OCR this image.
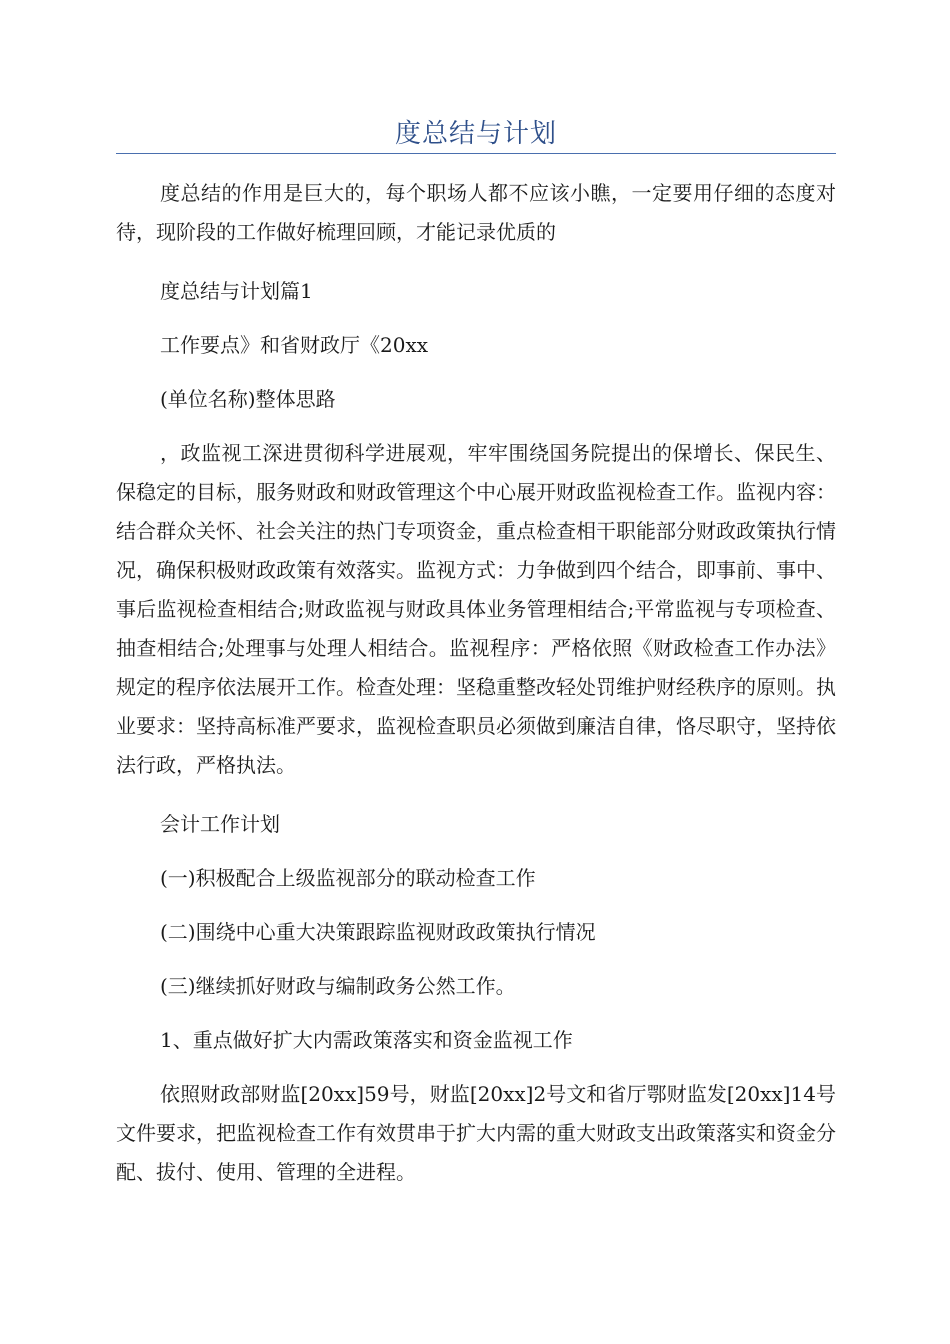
度总结与计划

度总结的作用是巨大的，每个职场人都不应该小瞧，一定要用仔细的态度对待，现阶段的工作做好梳理回顾，才能记录优质的

度总结与计划篇1

工作要点》和省财政厅《20xx

(单位名称)整体思路

，政监视工深进贯彻科学进展观，牢牢围绕国务院提出的保增长、保民生、保稳定的目标，服务财政和财政管理这个中心展开财政监视检查工作。监视内容：结合群众关怀、社会关注的热门专项资金，重点检查相干职能部分财政政策执行情况，确保积极财政政策有效落实。监视方式：力争做到四个结合，即事前、事中、事后监视检查相结合;财政监视与财政具体业务管理相结合;平常监视与专项检查、抽查相结合;处理事与处理人相结合。监视程序：严格依照《财政检查工作办法》规定的程序依法展开工作。检查处理：坚稳重整改轻处罚维护财经秩序的原则。执业要求：坚持高标准严要求，监视检查职员必须做到廉洁自律，恪尽职守，坚持依法行政，严格执法。

会计工作计划

(一)积极配合上级监视部分的联动检查工作

(二)围绕中心重大决策跟踪监视财政政策执行情况

(三)继续抓好财政与编制政务公然工作。

1、重点做好扩大内需政策落实和资金监视工作

依照财政部财监[20xx]59号，财监[20xx]2号文和省厅鄂财监发[20xx]14号文件要求，把监视检查工作有效贯串于扩大内需的重大财政支出政策落实和资金分配、拔付、使用、管理的全进程。
